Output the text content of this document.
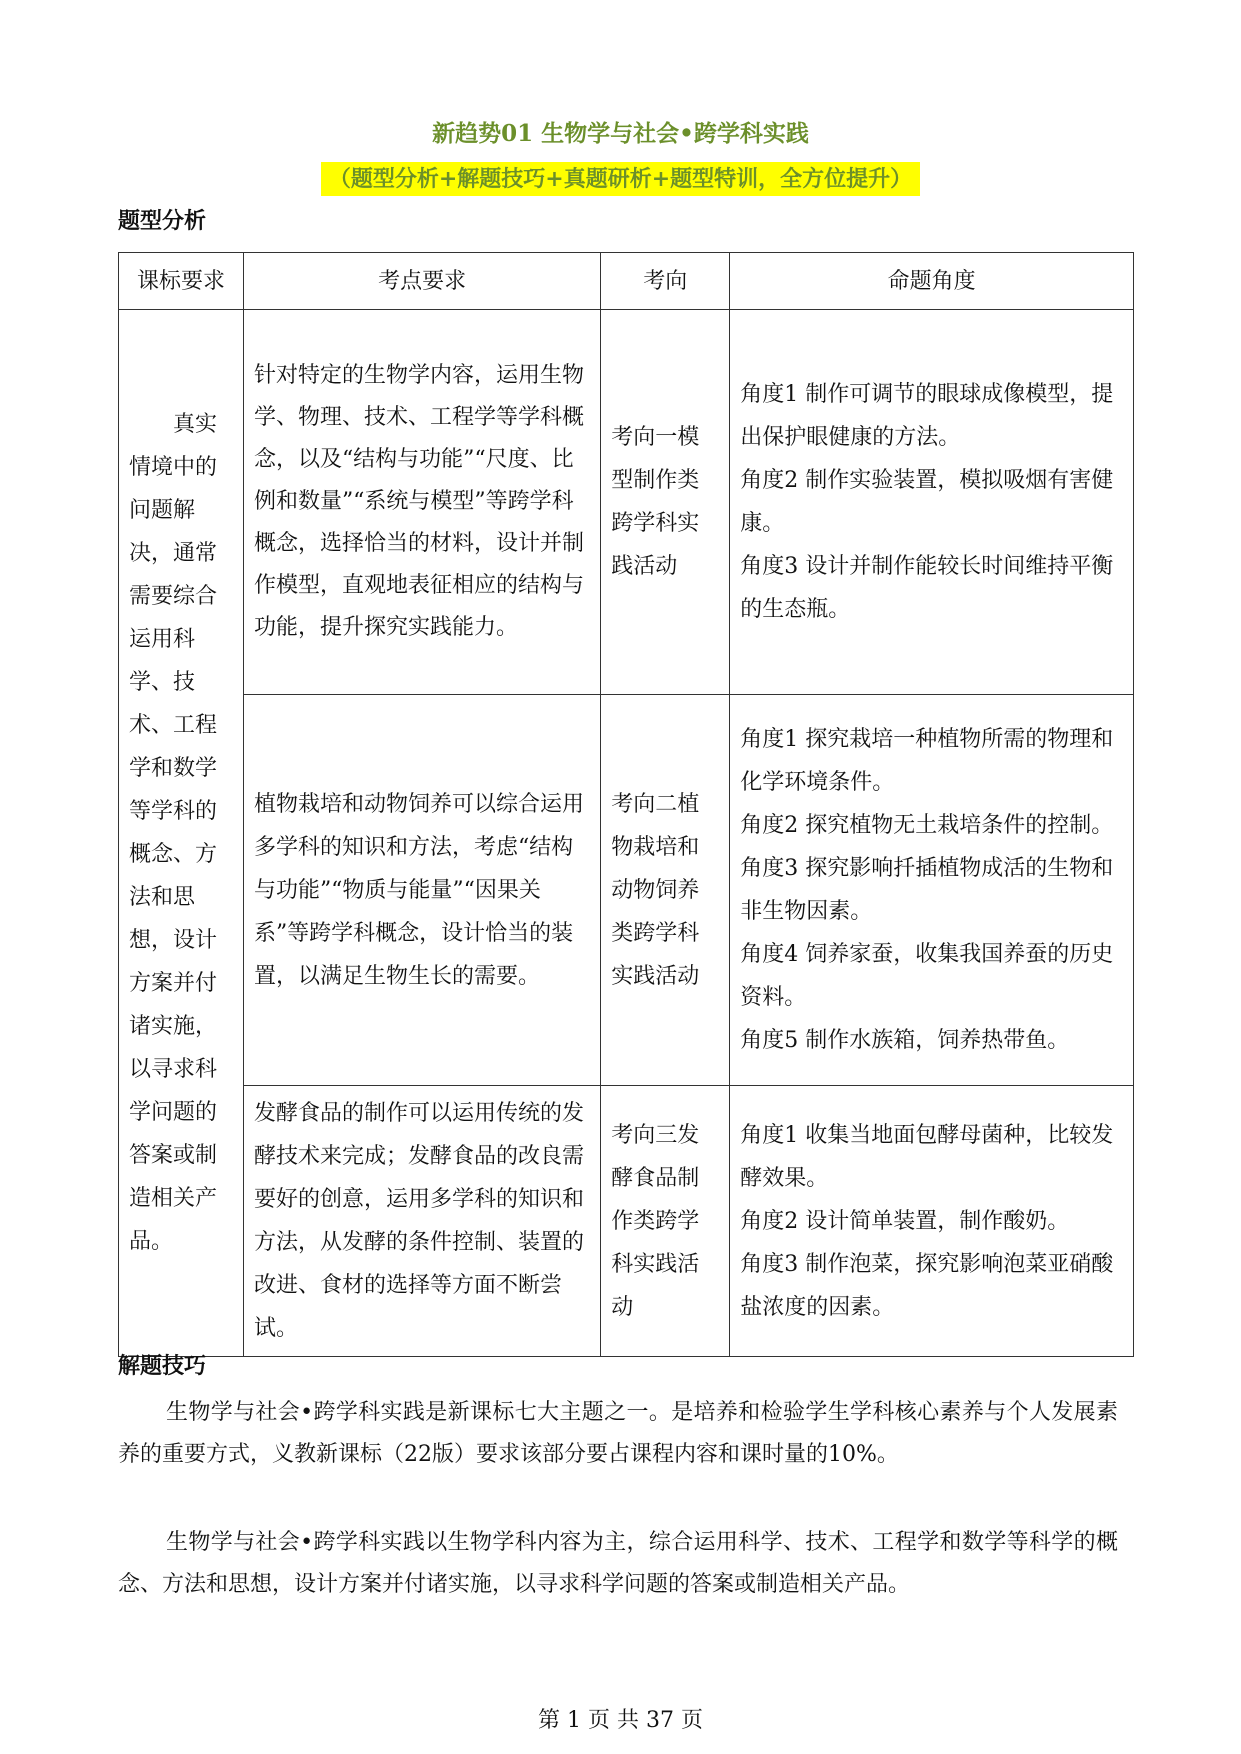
新趋势01 生物学与社会•跨学科实践
（题型分析+解题技巧+真题研析+题型特训，全方位提升）
题型分析
课标要求	考点要求	考向	命题角度

真实情境中的问题解决，通常需要综合运用科学、技术、工程学和数学等学科的概念、方法和思想，设计方案并付诸实施，以寻求科学问题的答案或制造相关产品。	针对特定的生物学内容，运用生物学、物理、技术、工程学等学科概念，以及“结构与功能”“尺度、比例和数量”“系统与模型”等跨学科概念，选择恰当的材料，设计并制作模型，直观地表征相应的结构与功能，提升探究实践能力。	考向一模型制作类跨学科实践活动	角度1 制作可调节的眼球成像模型，提出保护眼健康的方法。
角度2 制作实验装置，模拟吸烟有害健康。
角度3 设计并制作能较长时间维持平衡的生态瓶。

	植物栽培和动物饲养可以综合运用多学科的知识和方法，考虑“结构与功能”“物质与能量”“因果关系”等跨学科概念，设计恰当的装置，以满足生物生长的需要。	考向二植物栽培和动物饲养类跨学科实践活动	角度1 探究栽培一种植物所需的物理和化学环境条件。
角度2 探究植物无土栽培条件的控制。
角度3 探究影响扦插植物成活的生物和非生物因素。
角度4 饲养家蚕，收集我国养蚕的历史资料。
角度5 制作水族箱，饲养热带鱼。

	发酵食品的制作可以运用传统的发酵技术来完成；发酵食品的改良需要好的创意，运用多学科的知识和方法，从发酵的条件控制、装置的改进、食材的选择等方面不断尝试。	考向三发酵食品制作类跨学科实践活动	角度1 收集当地面包酵母菌种，比较发酵效果。
角度2 设计简单装置，制作酸奶。
角度3 制作泡菜，探究影响泡菜亚硝酸盐浓度的因素。
解题技巧
生物学与社会•跨学科实践是新课标七大主题之一。是培养和检验学生学科核心素养与个人发展素养的重要方式，义教新课标（22版）要求该部分要占课程内容和课时量的10%。
生物学与社会•跨学科实践以生物学科内容为主，综合运用科学、技术、工程学和数学等科学的概念、方法和思想，设计方案并付诸实施，以寻求科学问题的答案或制造相关产品。
第 1 页 共 37 页
